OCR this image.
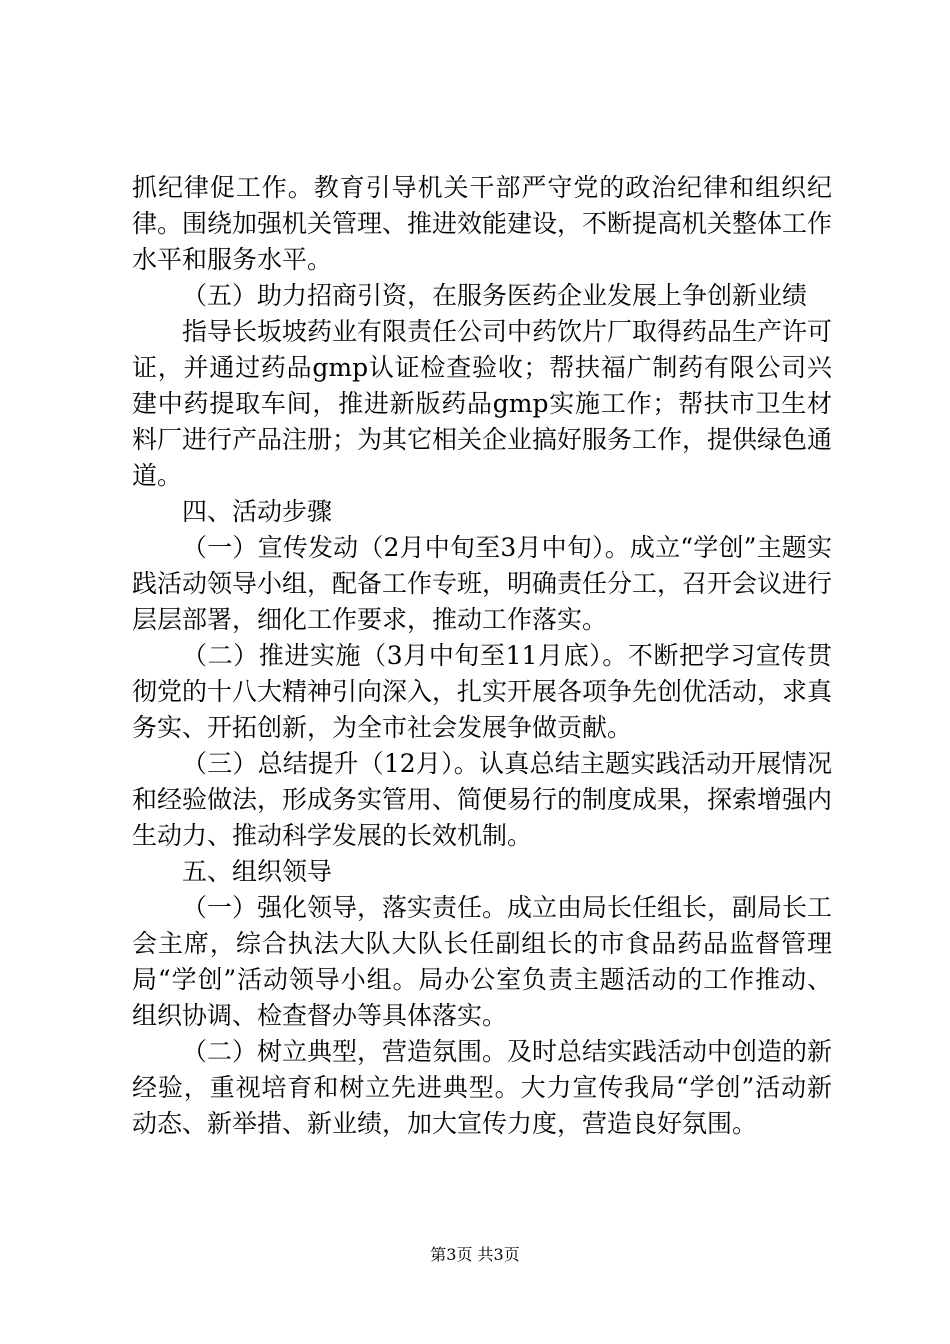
抓纪律促工作。教育引导机关干部严守党的政治纪律和组织纪律。围绕加强机关管理、推进效能建设，不断提高机关整体工作水平和服务水平。

（五）助力招商引资，在服务医药企业发展上争创新业绩

指导长坂坡药业有限责任公司中药饮片厂取得药品生产许可证，并通过药品gmp认证检查验收；帮扶福广制药有限公司兴建中药提取车间，推进新版药品gmp实施工作；帮扶市卫生材料厂进行产品注册；为其它相关企业搞好服务工作，提供绿色通道。

四、活动步骤

（一）宣传发动（2月中旬至3月中旬）。成立“学创”主题实践活动领导小组，配备工作专班，明确责任分工，召开会议进行层层部署，细化工作要求，推动工作落实。

（二）推进实施（3月中旬至11月底）。不断把学习宣传贯彻党的十八大精神引向深入，扎实开展各项争先创优活动，求真务实、开拓创新，为全市社会发展争做贡献。

（三）总结提升（12月）。认真总结主题实践活动开展情况和经验做法，形成务实管用、简便易行的制度成果，探索增强内生动力、推动科学发展的长效机制。

五、组织领导

（一）强化领导，落实责任。成立由局长任组长，副局长工会主席，综合执法大队大队长任副组长的市食品药品监督管理局“学创”活动领导小组。局办公室负责主题活动的工作推动、组织协调、检查督办等具体落实。

（二）树立典型，营造氛围。及时总结实践活动中创造的新经验，重视培育和树立先进典型。大力宣传我局“学创”活动新动态、新举措、新业绩，加大宣传力度，营造良好氛围。

第3页 共3页
